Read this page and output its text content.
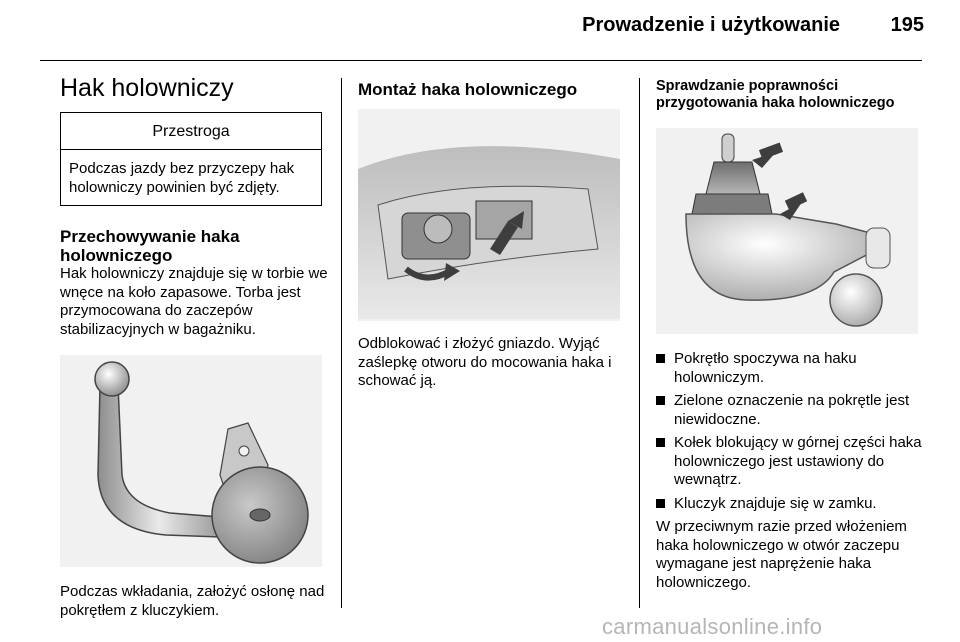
Prowadzenie i użytkowanie	195
Hak holowniczy
Przestroga
Podczas jazdy bez przyczepy hak holowniczy powinien być zdjęty.
Przechowywanie haka holowniczego

Hak holowniczy znajduje się w torbie we wnęce na koło zapasowe. Torba jest przymocowana do zaczepów stabilizacyjnych w bagażniku.

Podczas wkładania, założyć osłonę nad pokrętłem z kluczykiem.

Montaż haka holowniczego

Odblokować i złożyć gniazdo. Wyjąć zaślepkę otworu do mocowania haka i schować ją.

Sprawdzanie poprawności przygotowania haka holowniczego
Pokrętło spoczywa na haku holowniczym.
Zielone oznaczenie na pokrętle jest niewidoczne.
Kołek blokujący w górnej części haka holowniczego jest ustawiony do wewnątrz.
Kluczyk znajduje się w zamku.

W przeciwnym razie przed włożeniem haka holowniczego w otwór zaczepu wymagane jest naprężenie haka holowniczego.

carmanualsonline.info
